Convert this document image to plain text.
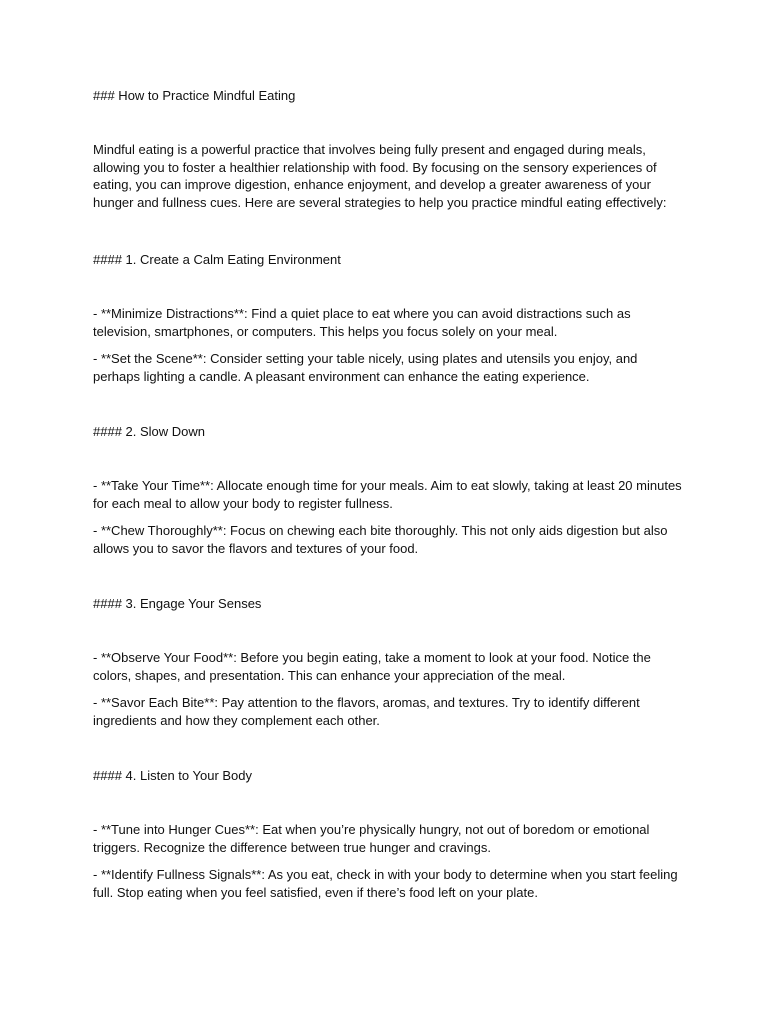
### How to Practice Mindful Eating

Mindful eating is a powerful practice that involves being fully present and engaged during meals, allowing you to foster a healthier relationship with food. By focusing on the sensory experiences of eating, you can improve digestion, enhance enjoyment, and develop a greater awareness of your hunger and fullness cues. Here are several strategies to help you practice mindful eating effectively:

#### 1. Create a Calm Eating Environment

- **Minimize Distractions**: Find a quiet place to eat where you can avoid distractions such as television, smartphones, or computers. This helps you focus solely on your meal.

- **Set the Scene**: Consider setting your table nicely, using plates and utensils you enjoy, and perhaps lighting a candle. A pleasant environment can enhance the eating experience.

#### 2. Slow Down

- **Take Your Time**: Allocate enough time for your meals. Aim to eat slowly, taking at least 20 minutes for each meal to allow your body to register fullness.

- **Chew Thoroughly**: Focus on chewing each bite thoroughly. This not only aids digestion but also allows you to savor the flavors and textures of your food.

#### 3. Engage Your Senses

- **Observe Your Food**: Before you begin eating, take a moment to look at your food. Notice the colors, shapes, and presentation. This can enhance your appreciation of the meal.

- **Savor Each Bite**: Pay attention to the flavors, aromas, and textures. Try to identify different ingredients and how they complement each other.

#### 4. Listen to Your Body

- **Tune into Hunger Cues**: Eat when you’re physically hungry, not out of boredom or emotional triggers. Recognize the difference between true hunger and cravings.

- **Identify Fullness Signals**: As you eat, check in with your body to determine when you start feeling full. Stop eating when you feel satisfied, even if there’s food left on your plate.
